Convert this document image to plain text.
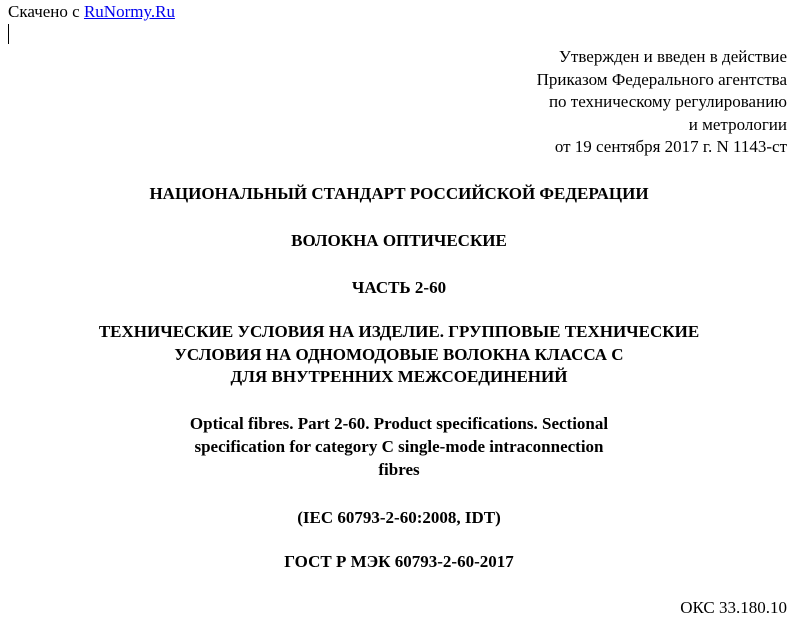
Скачено с RuNormy.Ru
Утвержден и введен в действие
Приказом Федерального агентства
по техническому регулированию
и метрологии
от 19 сентября 2017 г. N 1143-ст
НАЦИОНАЛЬНЫЙ СТАНДАРТ РОССИЙСКОЙ ФЕДЕРАЦИИ
ВОЛОКНА ОПТИЧЕСКИЕ
ЧАСТЬ 2-60
ТЕХНИЧЕСКИЕ УСЛОВИЯ НА ИЗДЕЛИЕ. ГРУППОВЫЕ ТЕХНИЧЕСКИЕ
УСЛОВИЯ НА ОДНОМОДОВЫЕ ВОЛОКНА КЛАССА С
ДЛЯ ВНУТРЕННИХ МЕЖСОЕДИНЕНИЙ
Optical fibres. Part 2-60. Product specifications. Sectional
specification for category C single-mode intraconnection
fibres
(IEC 60793-2-60:2008, IDT)
ГОСТ Р МЭК 60793-2-60-2017
ОКС 33.180.10
